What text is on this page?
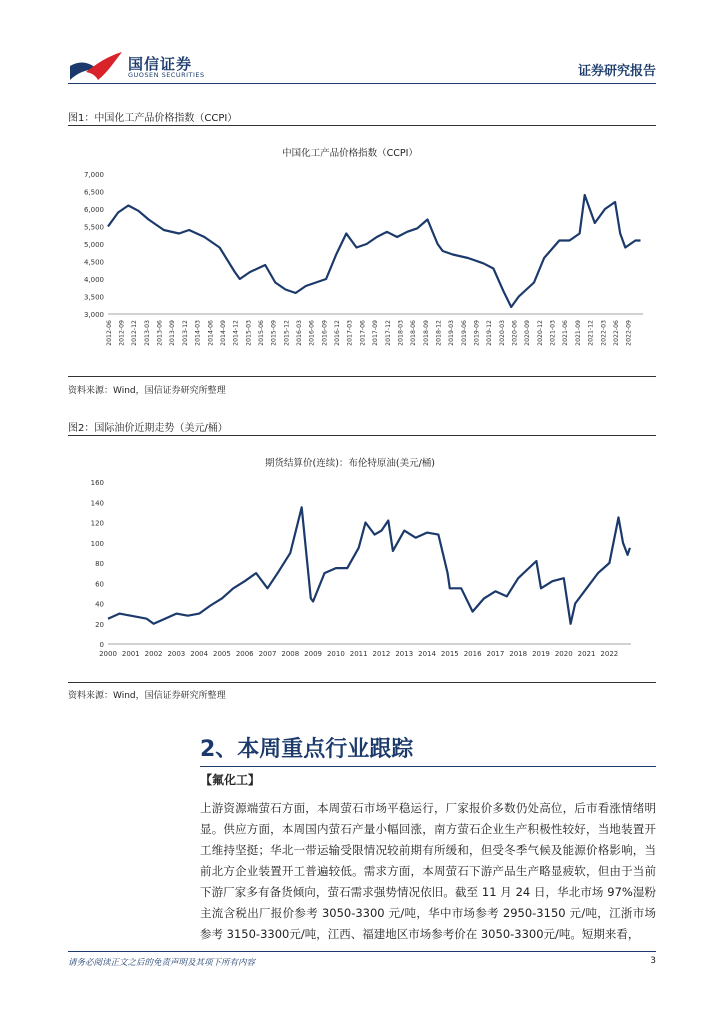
国信证券
GUOSEN SECURITIES	证券研究报告
图1：中国化工产品价格指数（CCPI）
中国化工产品价格指数（CCPI）
3,000
3,500
4,000
4,500
5,000
5,500
6,000
6,500
7,000
2012-06 2012-09 2012-12 2013-03 2013-06 2013-09 2013-12 2014-03 2014-06 2014-09 2014-12 2015-03 2015-06 2015-09 2015-12 2016-03 2016-06 2016-09 2016-12 2017-03 2017-06 2017-09 2017-12 2018-03 2018-06 2018-09 2018-12 2019-03 2019-06 2019-09 2019-12 2020-03 2020-06 2020-09 2020-12 2021-03 2021-06 2021-09 2021-12 2022-03 2022-06 2022-09
资料来源：Wind，国信证券研究所整理
图2：国际油价近期走势（美元/桶）
期货结算价(连续)：布伦特原油(美元/桶)
0
20
40
60
80
100
120
140
160
2000 2001 2002 2003 2004 2005 2006 2007 2008 2009 2010 2011 2012 2013 2014 2015 2016 2017 2018 2019 2020 2021 2022
资料来源：Wind，国信证券研究所整理
2、本周重点行业跟踪
【氟化工】
上游资源端萤石方面，本周萤石市场平稳运行，厂家报价多数仍处高位，后市看涨情绪明显。供应方面，本周国内萤石产量小幅回涨，南方萤石企业生产积极性较好，当地装置开工维持坚挺；华北一带运输受限情况较前期有所缓和，但受冬季气候及能源价格影响，当前北方企业装置开工普遍较低。需求方面，本周萤石下游产品生产略显疲软，但由于当前下游厂家多有备货倾向，萤石需求强势情况依旧。截至 11 月 24 日，华北市场 97%湿粉主流含税出厂报价参考 3050-3300 元/吨，华中市场参考 2950-3150 元/吨，江浙市场参考 3150-3300元/吨，江西、福建地区市场参考价在 3050-3300元/吨。短期来看，
请务必阅读正文之后的免责声明及其项下所有内容	3
